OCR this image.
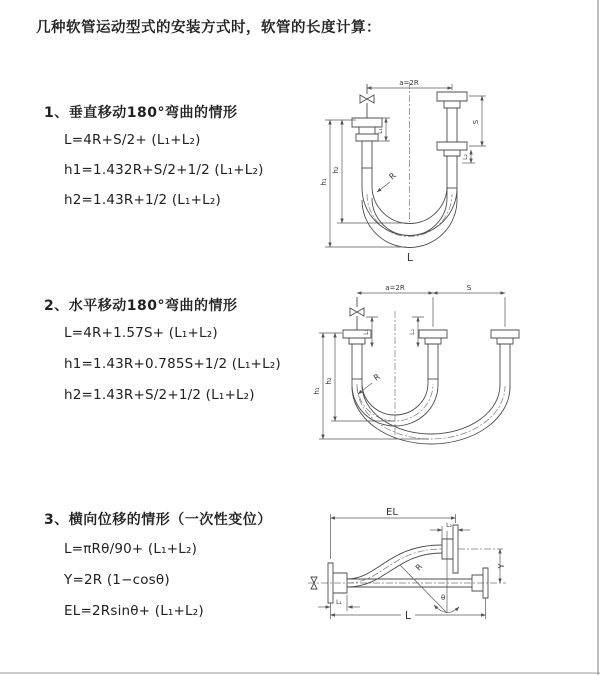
几种软管运动型式的安装方式时，软管的长度计算：
1、垂直移动180°弯曲的情形
L=4R+S/2+ (L₁+L₂)
h1=1.432R+S/2+1/2 (L₁+L₂)
h2=1.43R+1/2 (L₁+L₂)
2、水平移动180°弯曲的情形
L=4R+1.57S+ (L₁+L₂)
h1=1.43R+0.785S+1/2 (L₁+L₂)
h2=1.43R+S/2+1/2 (L₁+L₂)
3、横向位移的情形（一次性变位）
L=πRθ/90+ (L₁+L₂)
Y=2R (1−cosθ)
EL=2Rsinθ+ (L₁+L₂)
a=2R
h₁
h₂
L₁
S
L₂
R
L
a=2R	S
h₁
h₂
L₁	L₂
R
EL
L₂
Y
θ
R
L
L₁
